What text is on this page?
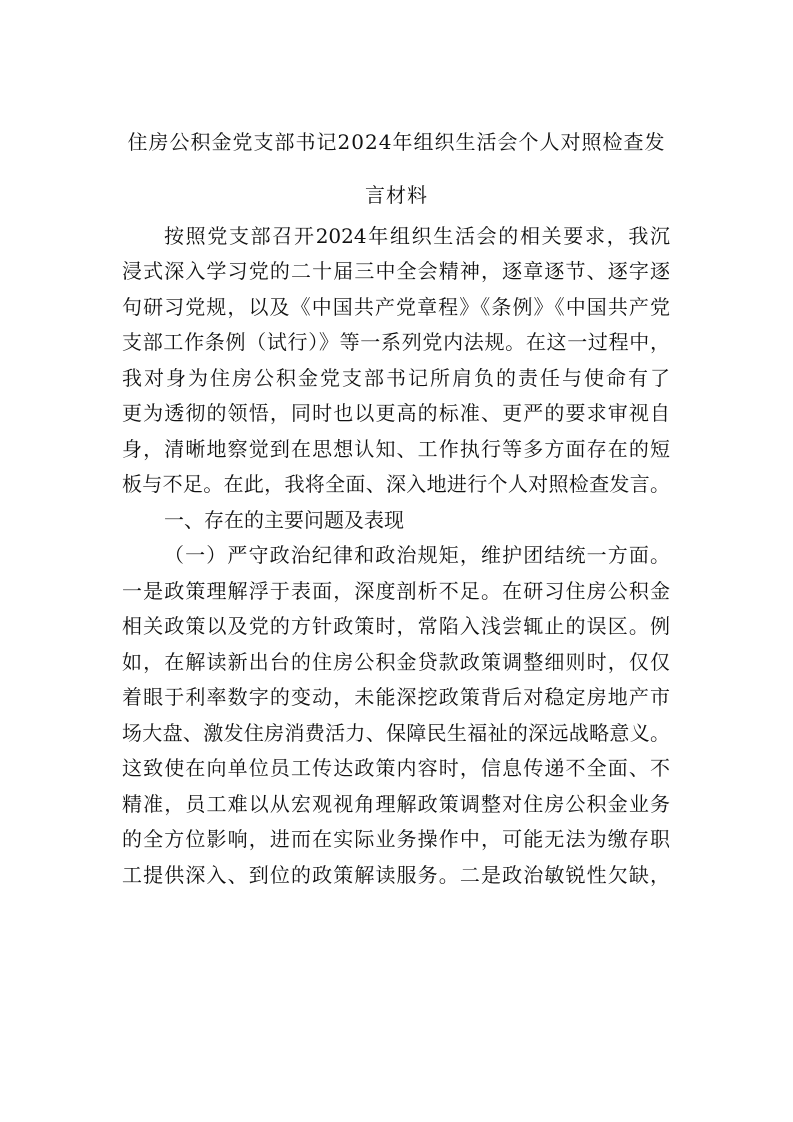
住房公积金党支部书记2024年组织生活会个人对照检查发
言材料
按照党支部召开2024年组织生活会的相关要求，我沉
浸式深入学习党的二十届三中全会精神，逐章逐节、逐字逐
句研习党规，以及《中国共产党章程》《条例》《中国共产党
支部工作条例（试行）》等一系列党内法规。在这一过程中，
我对身为住房公积金党支部书记所肩负的责任与使命有了
更为透彻的领悟，同时也以更高的标准、更严的要求审视自
身，清晰地察觉到在思想认知、工作执行等多方面存在的短
板与不足。在此，我将全面、深入地进行个人对照检查发言。
一、存在的主要问题及表现
（一）严守政治纪律和政治规矩，维护团结统一方面。
一是政策理解浮于表面，深度剖析不足。在研习住房公积金
相关政策以及党的方针政策时，常陷入浅尝辄止的误区。例
如，在解读新出台的住房公积金贷款政策调整细则时，仅仅
着眼于利率数字的变动，未能深挖政策背后对稳定房地产市
场大盘、激发住房消费活力、保障民生福祉的深远战略意义。
这致使在向单位员工传达政策内容时，信息传递不全面、不
精准，员工难以从宏观视角理解政策调整对住房公积金业务
的全方位影响，进而在实际业务操作中，可能无法为缴存职
工提供深入、到位的政策解读服务。二是政治敏锐性欠缺，
